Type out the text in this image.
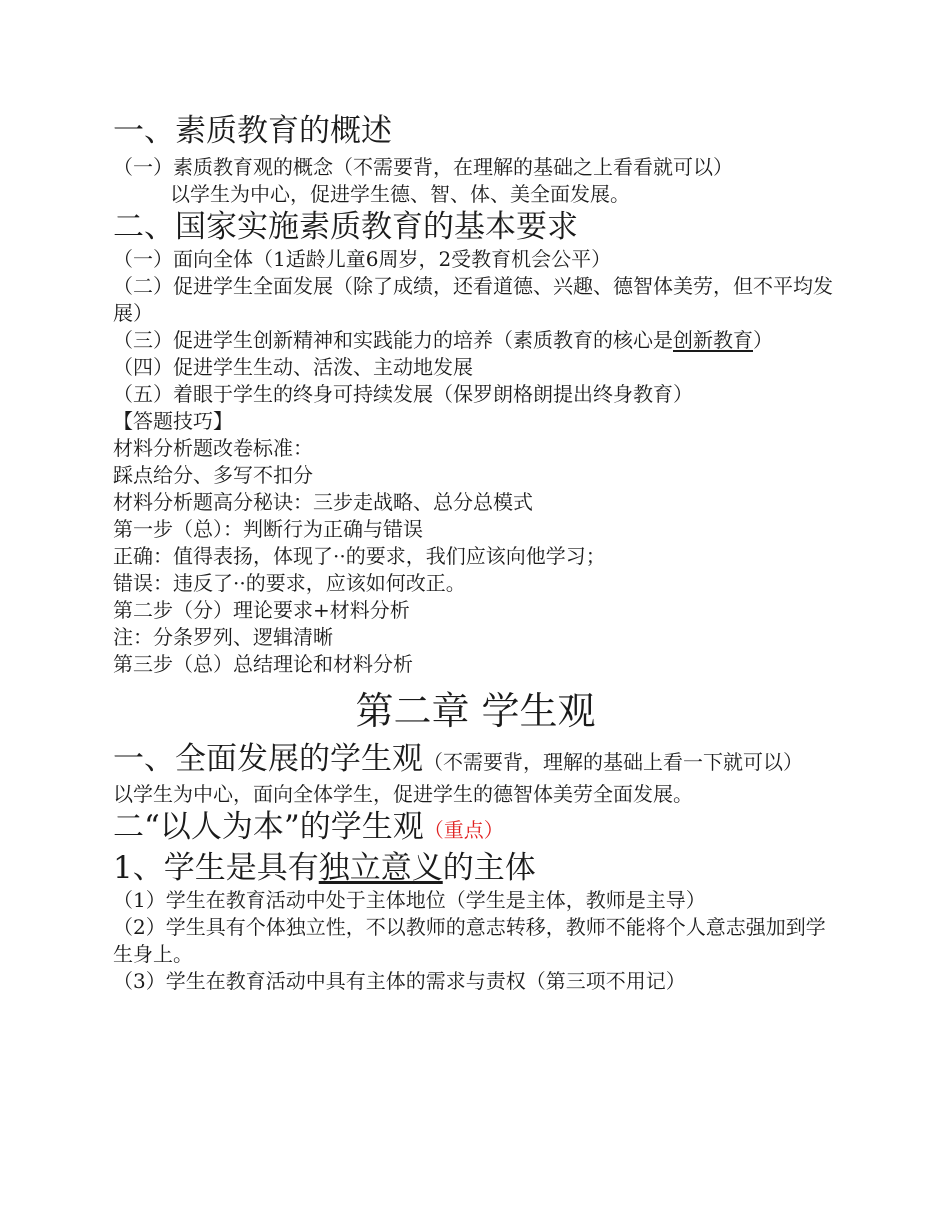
一、素质教育的概述

（一）素质教育观的概念（不需要背，在理解的基础之上看看就可以）

以学生为中心，促进学生德、智、体、美全面发展。

二、国家实施素质教育的基本要求

（一）面向全体（1适龄儿童6周岁，2受教育机会公平）

（二）促进学生全面发展（除了成绩，还看道德、兴趣、德智体美劳，但不平均发展）

（三）促进学生创新精神和实践能力的培养（素质教育的核心是创新教育）

（四）促进学生生动、活泼、主动地发展

（五）着眼于学生的终身可持续发展（保罗朗格朗提出终身教育）

【答题技巧】

材料分析题改卷标准：

踩点给分、多写不扣分

材料分析题高分秘诀：三步走战略、总分总模式

第一步（总）：判断行为正确与错误

正确：值得表扬，体现了··的要求，我们应该向他学习；

错误：违反了··的要求，应该如何改正。

第二步（分）理论要求+材料分析

注：分条罗列、逻辑清晰

第三步（总）总结理论和材料分析

第二章 学生观

一、全面发展的学生观（不需要背，理解的基础上看一下就可以）

以学生为中心，面向全体学生，促进学生的德智体美劳全面发展。

二“以人为本”的学生观（重点）

1、学生是具有独立意义的主体

（1）学生在教育活动中处于主体地位（学生是主体，教师是主导）

（2）学生具有个体独立性，不以教师的意志转移，教师不能将个人意志强加到学生身上。

（3）学生在教育活动中具有主体的需求与责权（第三项不用记）
